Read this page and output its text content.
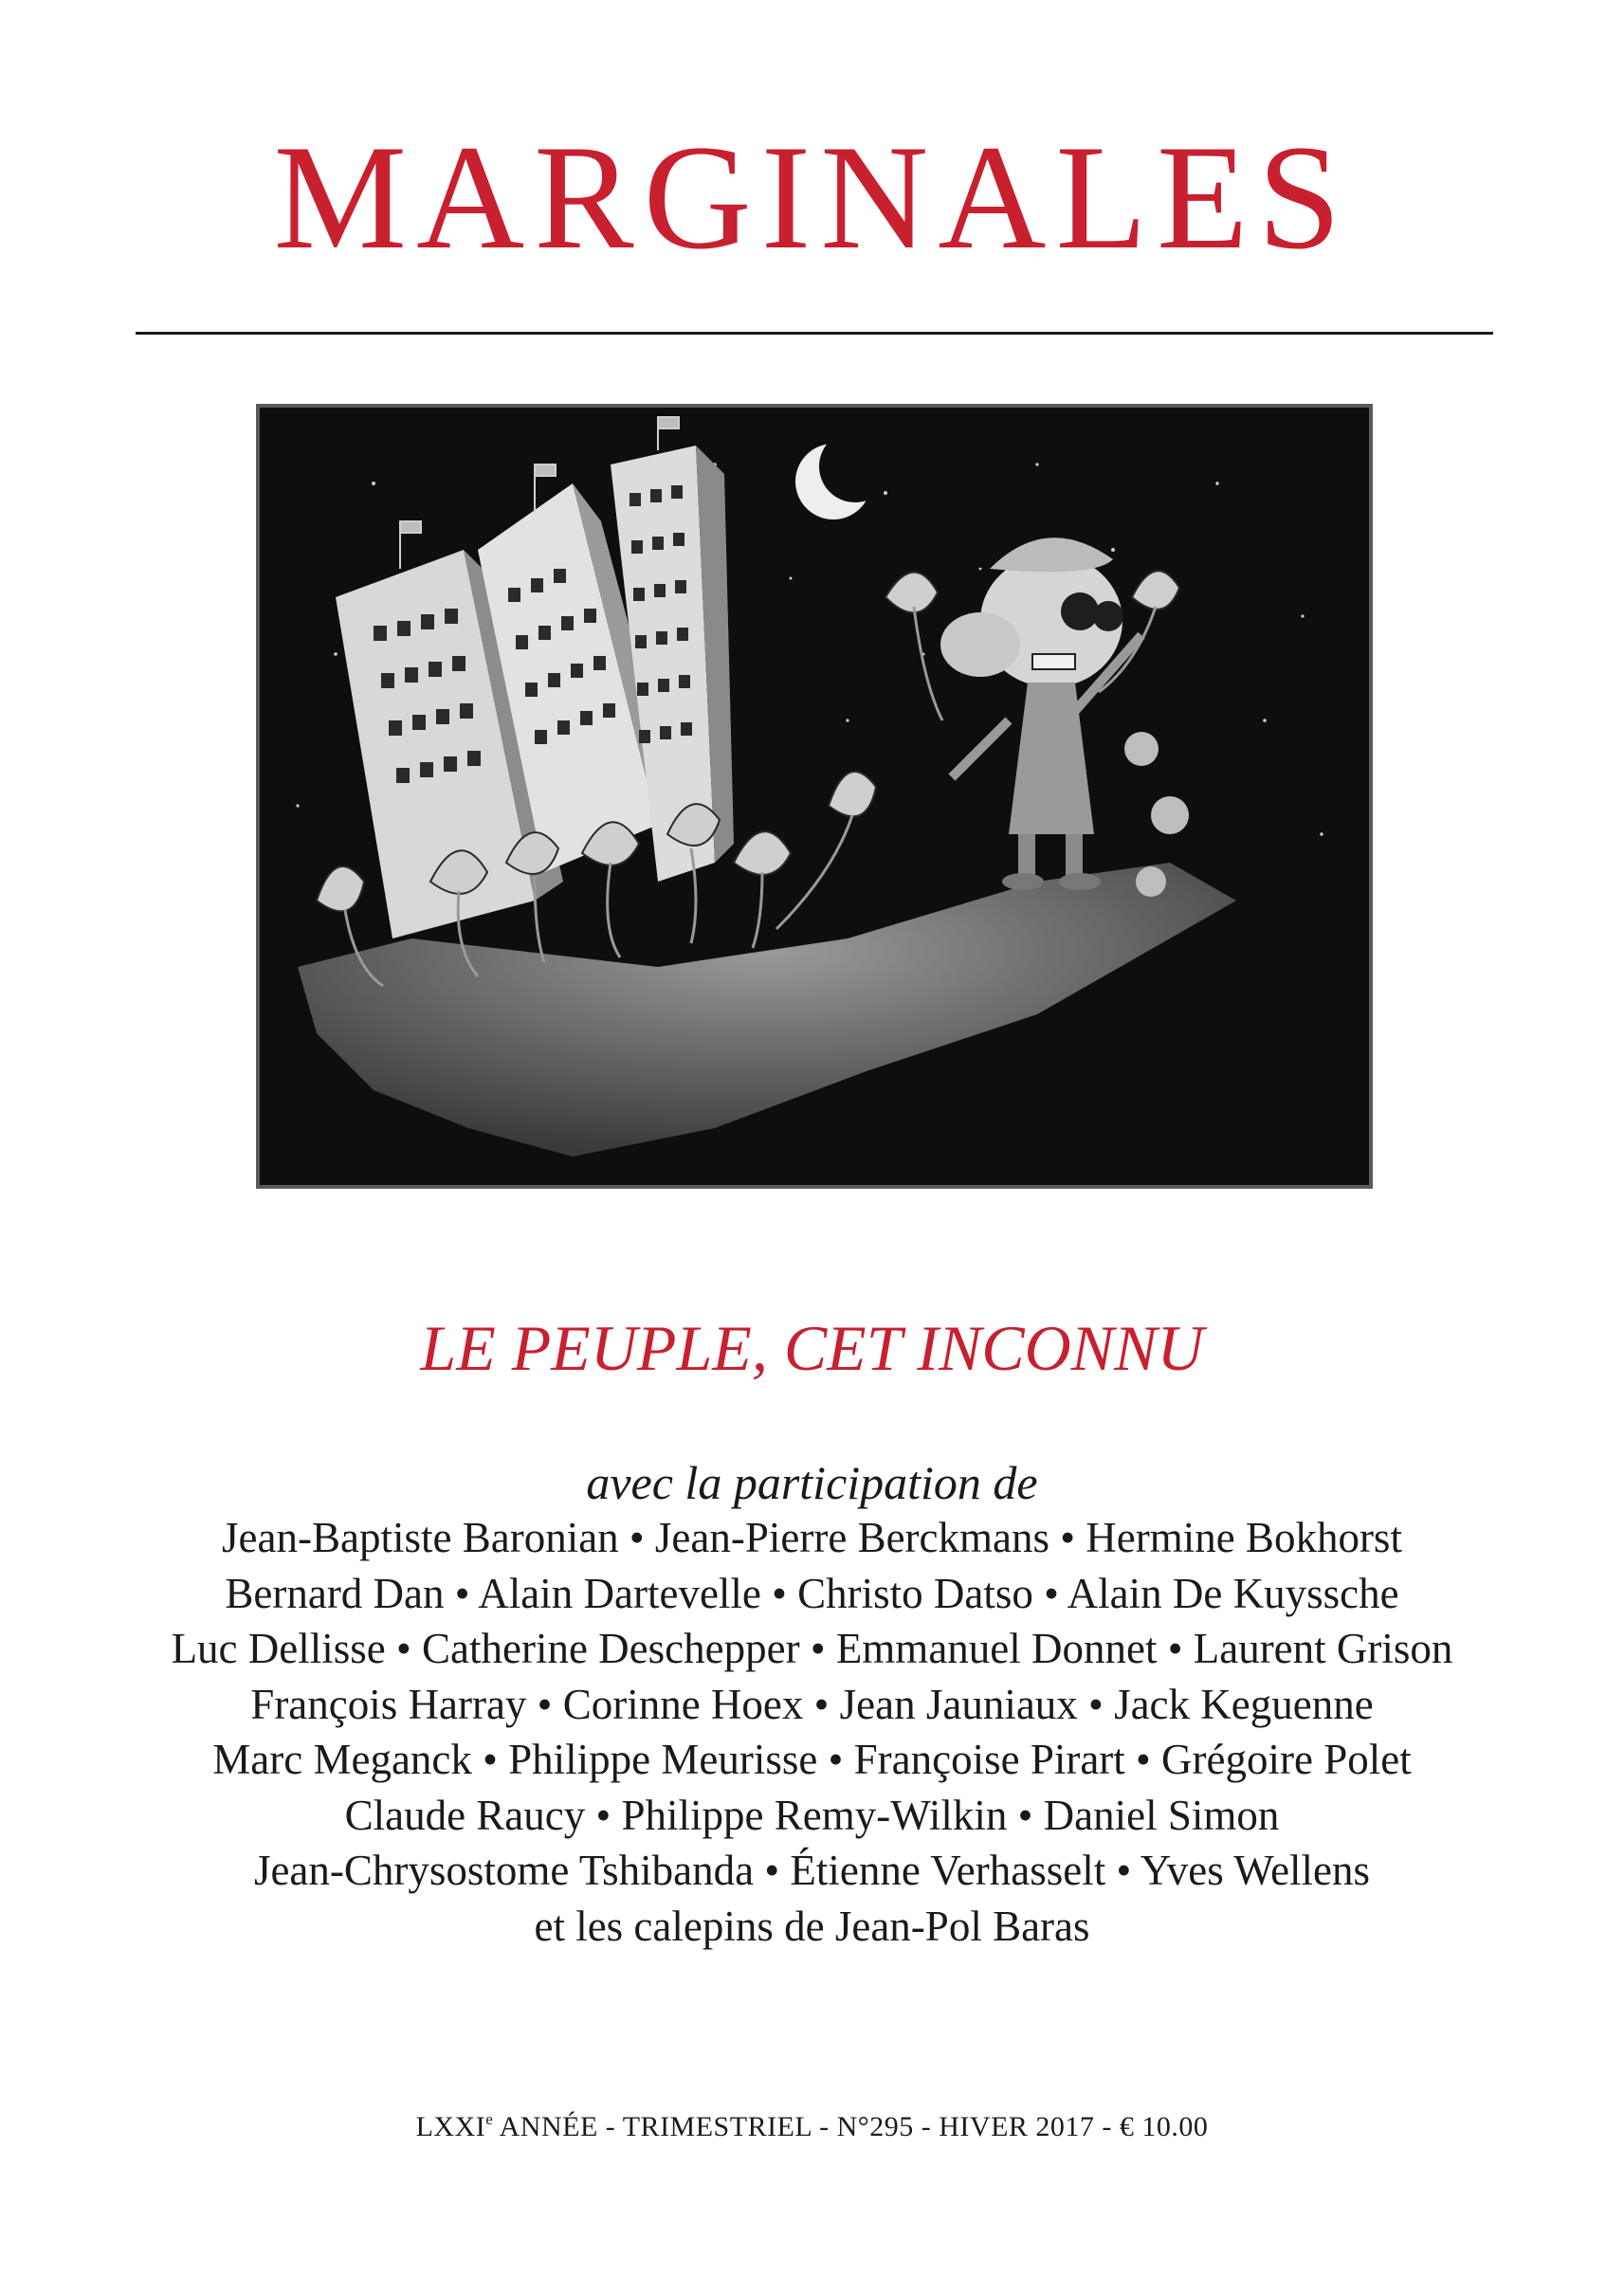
MARGINALES
LE PEUPLE, CET INCONNU
avec la participation de
Jean-Baptiste Baronian • Jean-Pierre Berckmans • Hermine Bokhorst
Bernard Dan • Alain Dartevelle • Christo Datso • Alain De Kuyssche
Luc Dellisse • Catherine Deschepper • Emmanuel Donnet • Laurent Grison
François Harray • Corinne Hoex • Jean Jauniaux • Jack Keguenne
Marc Meganck • Philippe Meurisse • Françoise Pirart • Grégoire Polet
Claude Raucy • Philippe Remy-Wilkin • Daniel Simon
Jean-Chrysostome Tshibanda • Étienne Verhasselt • Yves Wellens
et les calepins de Jean-Pol Baras
LXXIe ANNÉE - TRIMESTRIEL - N°295 - HIVER 2017 - € 10.00
